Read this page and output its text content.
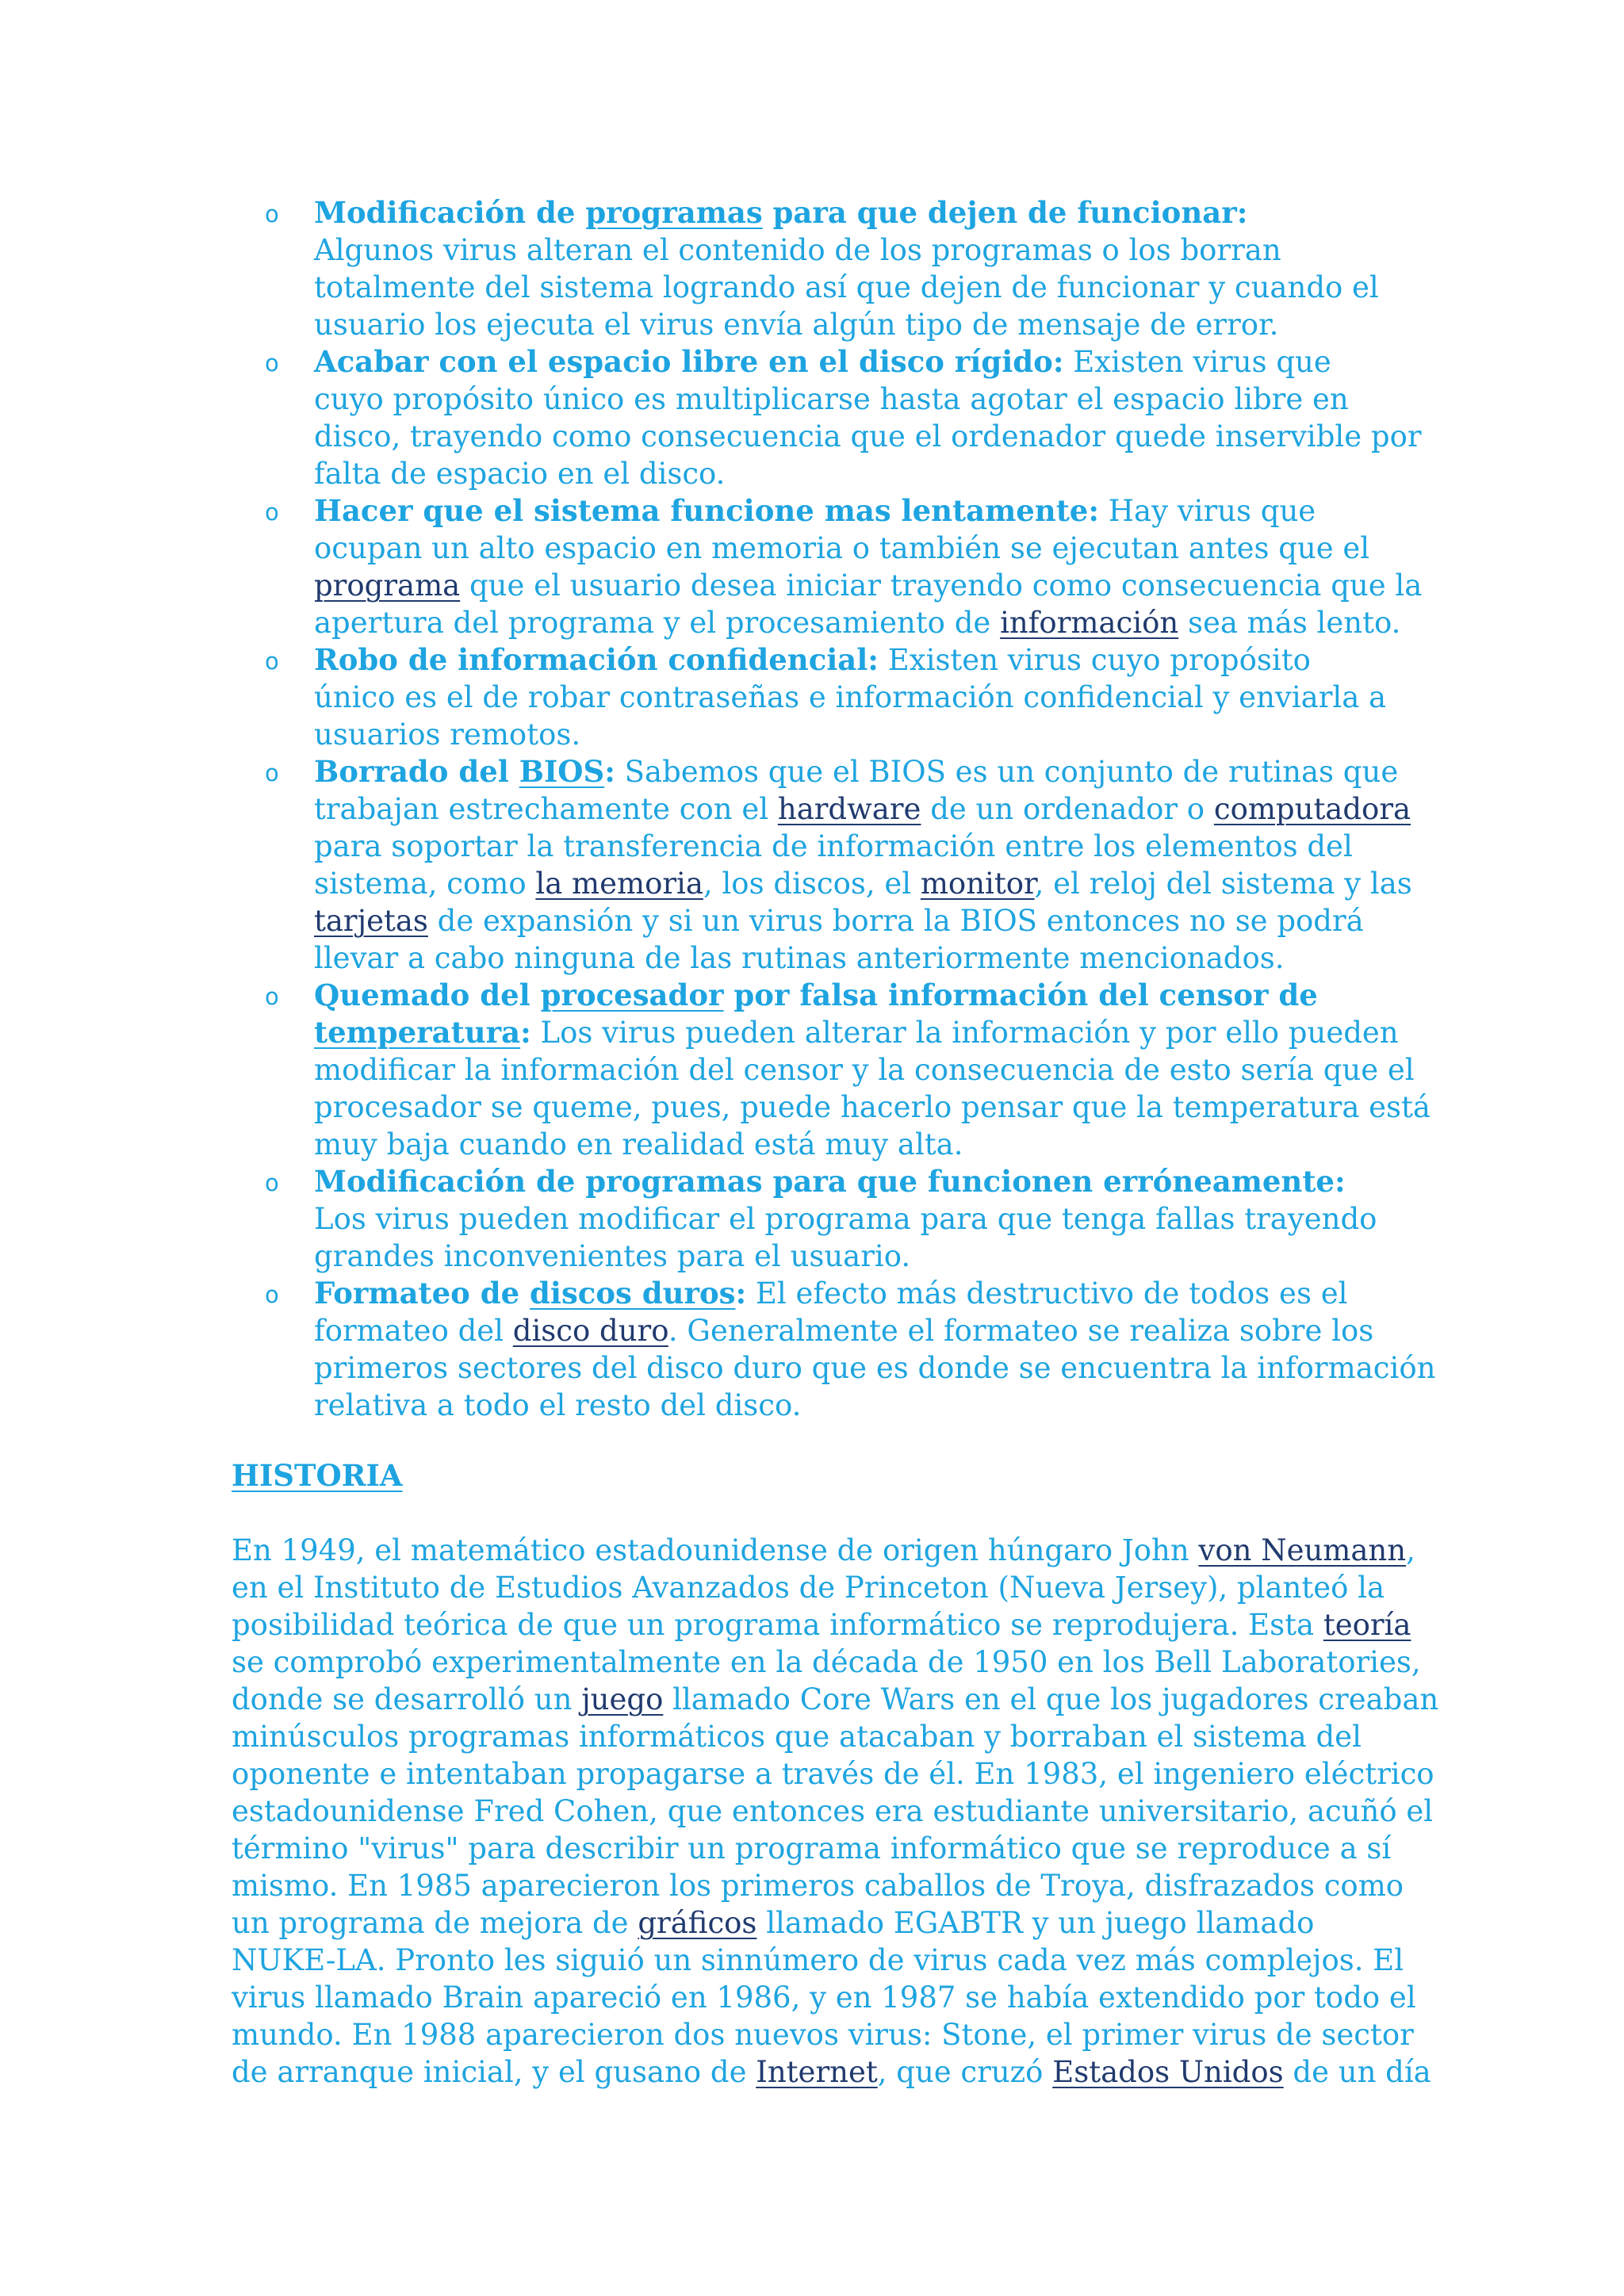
o Modificación de programas para que dejen de funcionar:
Algunos virus alteran el contenido de los programas o los borran
totalmente del sistema logrando así que dejen de funcionar y cuando el
usuario los ejecuta el virus envía algún tipo de mensaje de error.
o Acabar con el espacio libre en el disco rígido: Existen virus que
cuyo propósito único es multiplicarse hasta agotar el espacio libre en
disco, trayendo como consecuencia que el ordenador quede inservible por
falta de espacio en el disco.
o Hacer que el sistema funcione mas lentamente: Hay virus que
ocupan un alto espacio en memoria o también se ejecutan antes que el
programa que el usuario desea iniciar trayendo como consecuencia que la
apertura del programa y el procesamiento de información sea más lento.
o Robo de información confidencial: Existen virus cuyo propósito
único es el de robar contraseñas e información confidencial y enviarla a
usuarios remotos.
o Borrado del BIOS: Sabemos que el BIOS es un conjunto de rutinas que
trabajan estrechamente con el hardware de un ordenador o computadora
para soportar la transferencia de información entre los elementos del
sistema, como la memoria, los discos, el monitor, el reloj del sistema y las
tarjetas de expansión y si un virus borra la BIOS entonces no se podrá
llevar a cabo ninguna de las rutinas anteriormente mencionados.
o Quemado del procesador por falsa información del censor de
temperatura: Los virus pueden alterar la información y por ello pueden
modificar la información del censor y la consecuencia de esto sería que el
procesador se queme, pues, puede hacerlo pensar que la temperatura está
muy baja cuando en realidad está muy alta.
o Modificación de programas para que funcionen erróneamente:
Los virus pueden modificar el programa para que tenga fallas trayendo
grandes inconvenientes para el usuario.
o Formateo de discos duros: El efecto más destructivo de todos es el
formateo del disco duro. Generalmente el formateo se realiza sobre los
primeros sectores del disco duro que es donde se encuentra la información
relativa a todo el resto del disco.
HISTORIA
En 1949, el matemático estadounidense de origen húngaro John von Neumann,
en el Instituto de Estudios Avanzados de Princeton (Nueva Jersey), planteó la
posibilidad teórica de que un programa informático se reprodujera. Esta teoría
se comprobó experimentalmente en la década de 1950 en los Bell Laboratories,
donde se desarrolló un juego llamado Core Wars en el que los jugadores creaban
minúsculos programas informáticos que atacaban y borraban el sistema del
oponente e intentaban propagarse a través de él. En 1983, el ingeniero eléctrico
estadounidense Fred Cohen, que entonces era estudiante universitario, acuñó el
término "virus" para describir un programa informático que se reproduce a sí
mismo. En 1985 aparecieron los primeros caballos de Troya, disfrazados como
un programa de mejora de gráficos llamado EGABTR y un juego llamado
NUKE-LA. Pronto les siguió un sinnúmero de virus cada vez más complejos. El
virus llamado Brain apareció en 1986, y en 1987 se había extendido por todo el
mundo. En 1988 aparecieron dos nuevos virus: Stone, el primer virus de sector
de arranque inicial, y el gusano de Internet, que cruzó Estados Unidos de un día
